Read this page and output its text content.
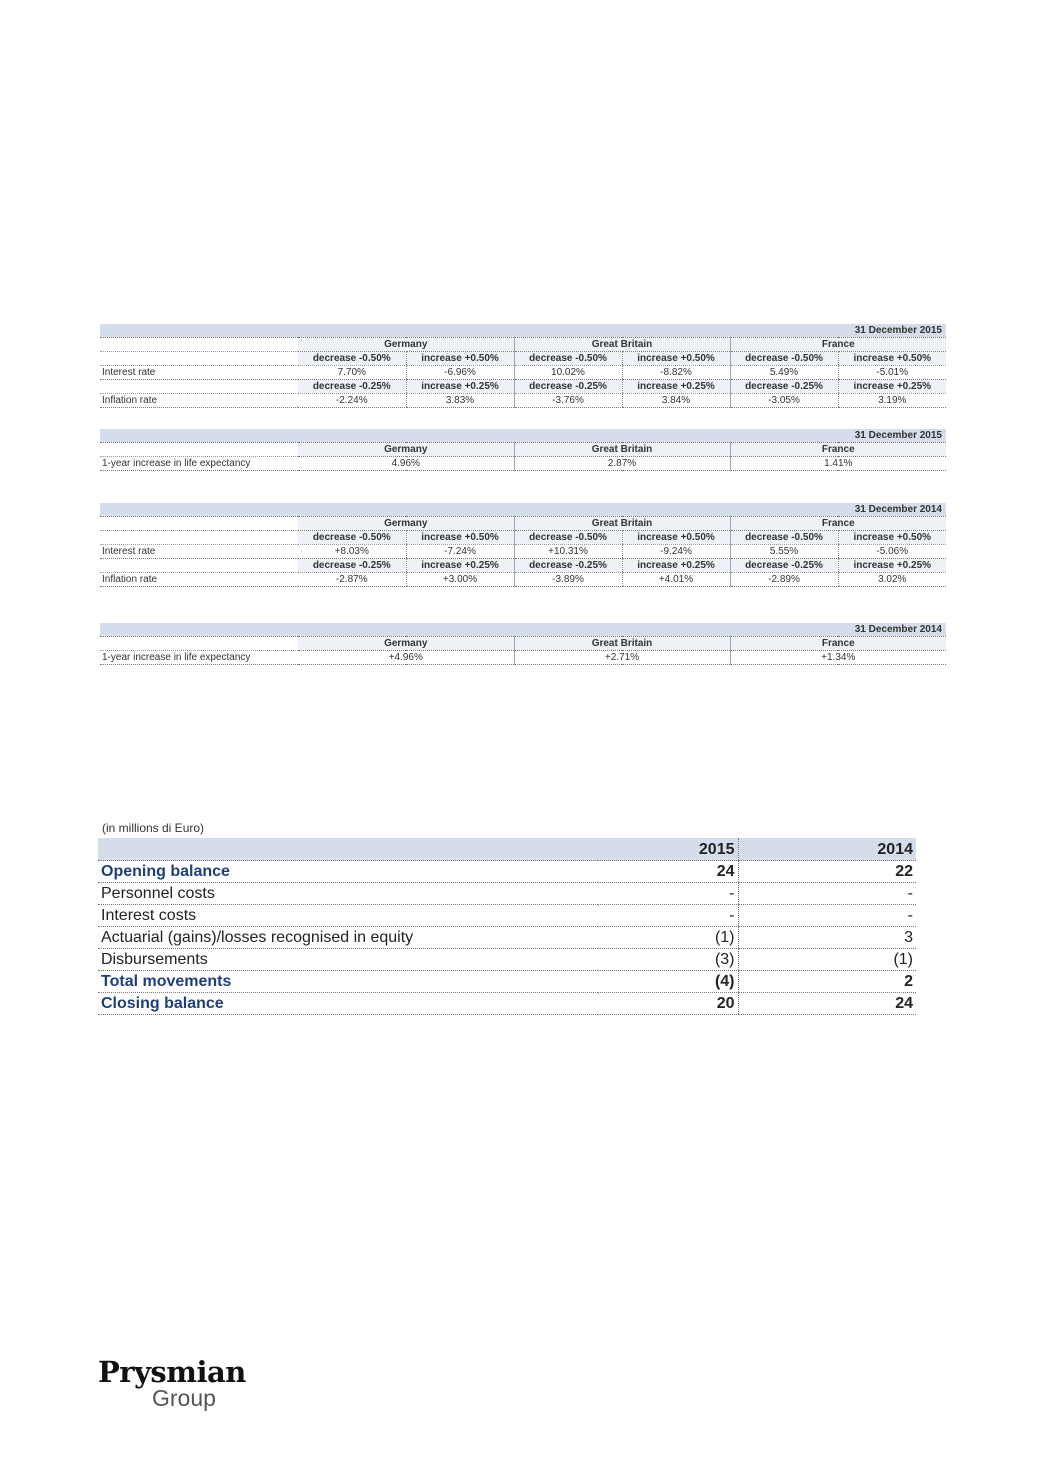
31 December 2015						
	Germany		Great Britain		France	
	decrease -0.50%	increase +0.50%	decrease -0.50%	increase +0.50%	decrease -0.50%	increase +0.50%
Interest rate	7.70%	-6.96%	10.02%	-8.82%	5.49%	-5.01%
	decrease -0.25%	increase +0.25%	decrease -0.25%	increase +0.25%	decrease -0.25%	increase +0.25%
Inflation rate	-2.24%	3.83%	-3.76%	3.84%	-3.05%	3.19%
31 December 2015			
	Germany	Great Britain	France
1-year increase in life expectancy	4.96%	2.87%	1.41%
31 December 2014						
	Germany		Great Britain		France	
	decrease -0.50%	increase +0.50%	decrease -0.50%	increase +0.50%	decrease -0.50%	increase +0.50%
Interest rate	+8.03%	-7.24%	+10.31%	-9.24%	5.55%	-5.06%
	decrease -0.25%	increase +0.25%	decrease -0.25%	increase +0.25%	decrease -0.25%	increase +0.25%
Inflation rate	-2.87%	+3.00%	-3.89%	+4.01%	-2.89%	3.02%
31 December 2014			
	Germany	Great Britain	France
1-year increase in life expectancy	+4.96%	+2.71%	+1.34%
(in millions di Euro)
	2015	2014
Opening balance	24	22
Personnel costs	-	-
Interest costs	-	-
Actuarial (gains)/losses recognised in equity	(1)	3
Disbursements	(3)	(1)
Total movements	(4)	2
Closing balance	20	24
Prysmian
Group
